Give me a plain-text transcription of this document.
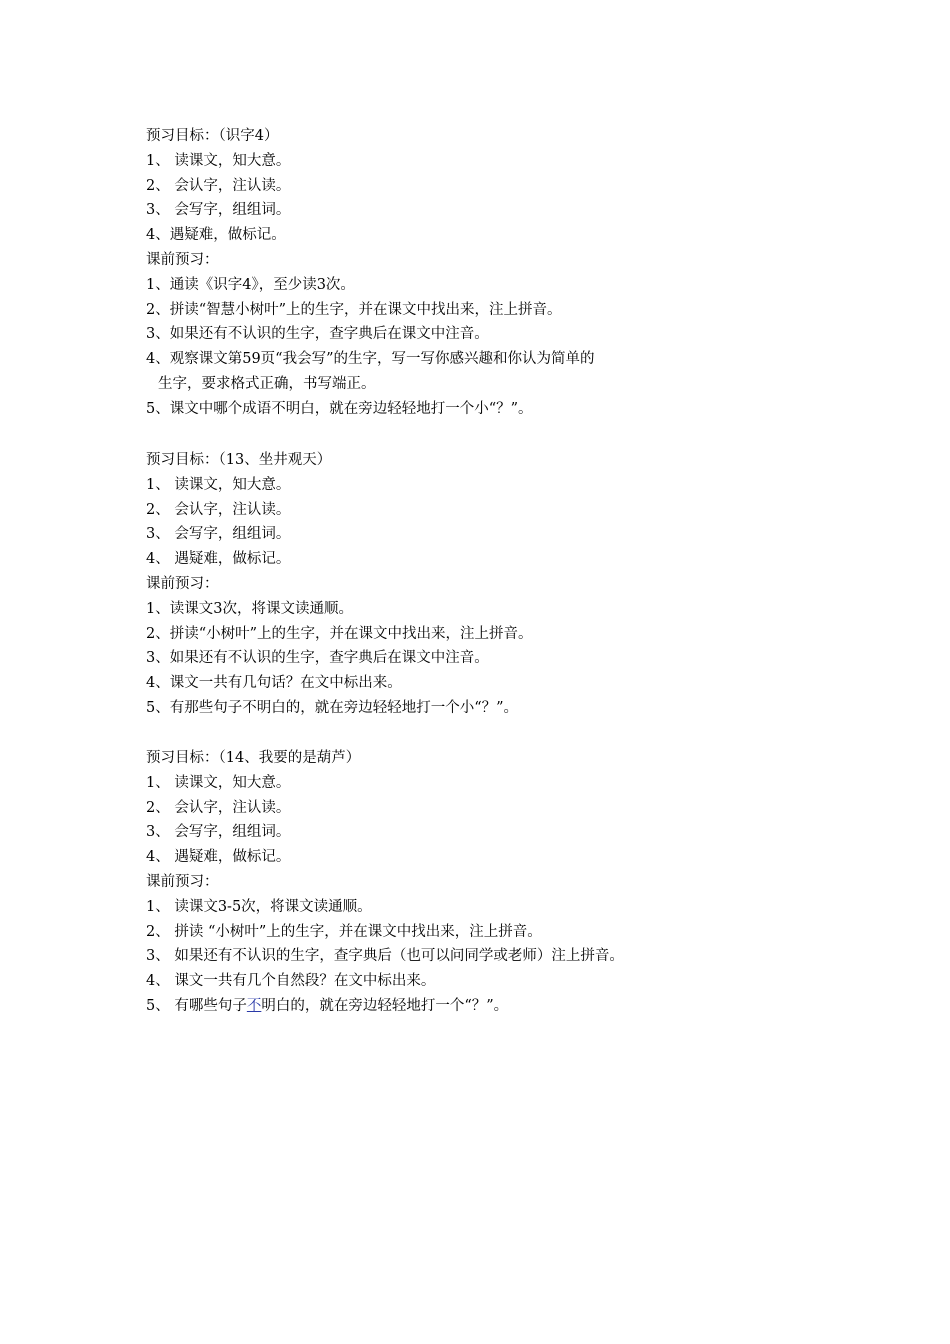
预习目标：（识字4）
1、 读课文，知大意。
2、 会认字，注认读。
3、 会写字，组组词。
4、遇疑难，做标记。
课前预习：
1、通读《识字4》，至少读3次。
2、拼读“智慧小树叶”上的生字，并在课文中找出来，注上拼音。
3、如果还有不认识的生字，查字典后在课文中注音。
4、观察课文第59页“我会写”的生字，写一写你感兴趣和你认为简单的
生字，要求格式正确，书写端正。
5、课文中哪个成语不明白，就在旁边轻轻地打一个小“？”。
预习目标：（13、坐井观天）
1、 读课文，知大意。
2、 会认字，注认读。
3、 会写字，组组词。
4、 遇疑难，做标记。
课前预习：
1、读课文3次，将课文读通顺。
2、拼读“小树叶”上的生字，并在课文中找出来，注上拼音。
3、如果还有不认识的生字，查字典后在课文中注音。
4、课文一共有几句话？在文中标出来。
5、有那些句子不明白的，就在旁边轻轻地打一个小“？”。
预习目标：（14、我要的是葫芦）
1、 读课文，知大意。
2、 会认字，注认读。
3、 会写字，组组词。
4、 遇疑难，做标记。
课前预习：
1、 读课文3-5次，将课文读通顺。
2、 拼读 “小树叶”上的生字，并在课文中找出来，注上拼音。
3、 如果还有不认识的生字，查字典后（也可以问同学或老师）注上拼音。
4、 课文一共有几个自然段？在文中标出来。
5、 有哪些句子不明白的，就在旁边轻轻地打一个“？”。
